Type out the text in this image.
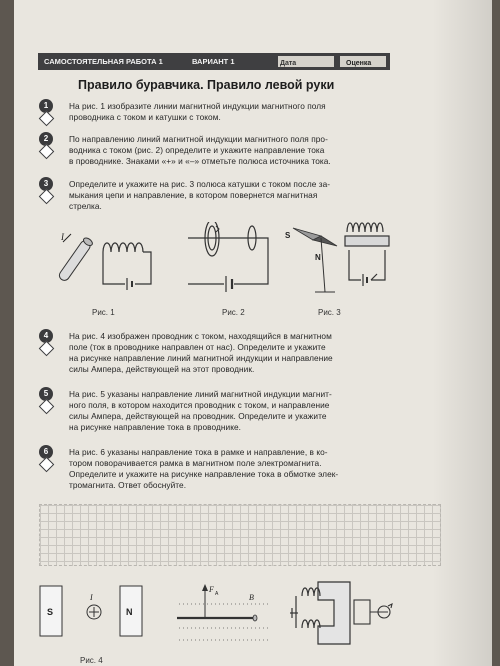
САМОСТОЯТЕЛЬНАЯ РАБОТА 1	ВАРИАНТ 1	Дата	Оценка
Правило буравчика. Правило левой руки
1	На рис. 1 изобразите линии магнитной индукции магнитного поля
проводника с током и катушки с током.
2	По направлению линий магнитной индукции магнитного поля про-
водника с током (рис. 2) определите и укажите направление тока
в проводнике. Знаками «+» и «–» отметьте полюса источника тока.
3	Определите и укажите на рис. 3 полюса катушки с током после за-
мыкания цепи и направление, в котором повернется магнитная
стрелка.
I
Рис. 1	Рис. 2
S
N
Рис. 3
4	На рис. 4 изображен проводник с током, находящийся в магнитном
поле (ток в проводнике направлен от нас). Определите и укажите
на рисунке направление линий магнитной индукции и направление
силы Ампера, действующей на этот проводник.
5	На рис. 5 указаны направление линий магнитной индукции магнит-
ного поля, в котором находится проводник с током, и направление
силы Ампера, действующей на проводник. Определите и укажите
на рисунке направление тока в проводнике.
6	На рис. 6 указаны направление тока в рамке и направление, в ко-
тором поворачивается рамка в магнитном поле электромагнита.
Определите и укажите на рисунке направление тока в обмотке элек-
тромагнита. Ответ обоснуйте.
S
I
N
Рис. 4
F A	B
